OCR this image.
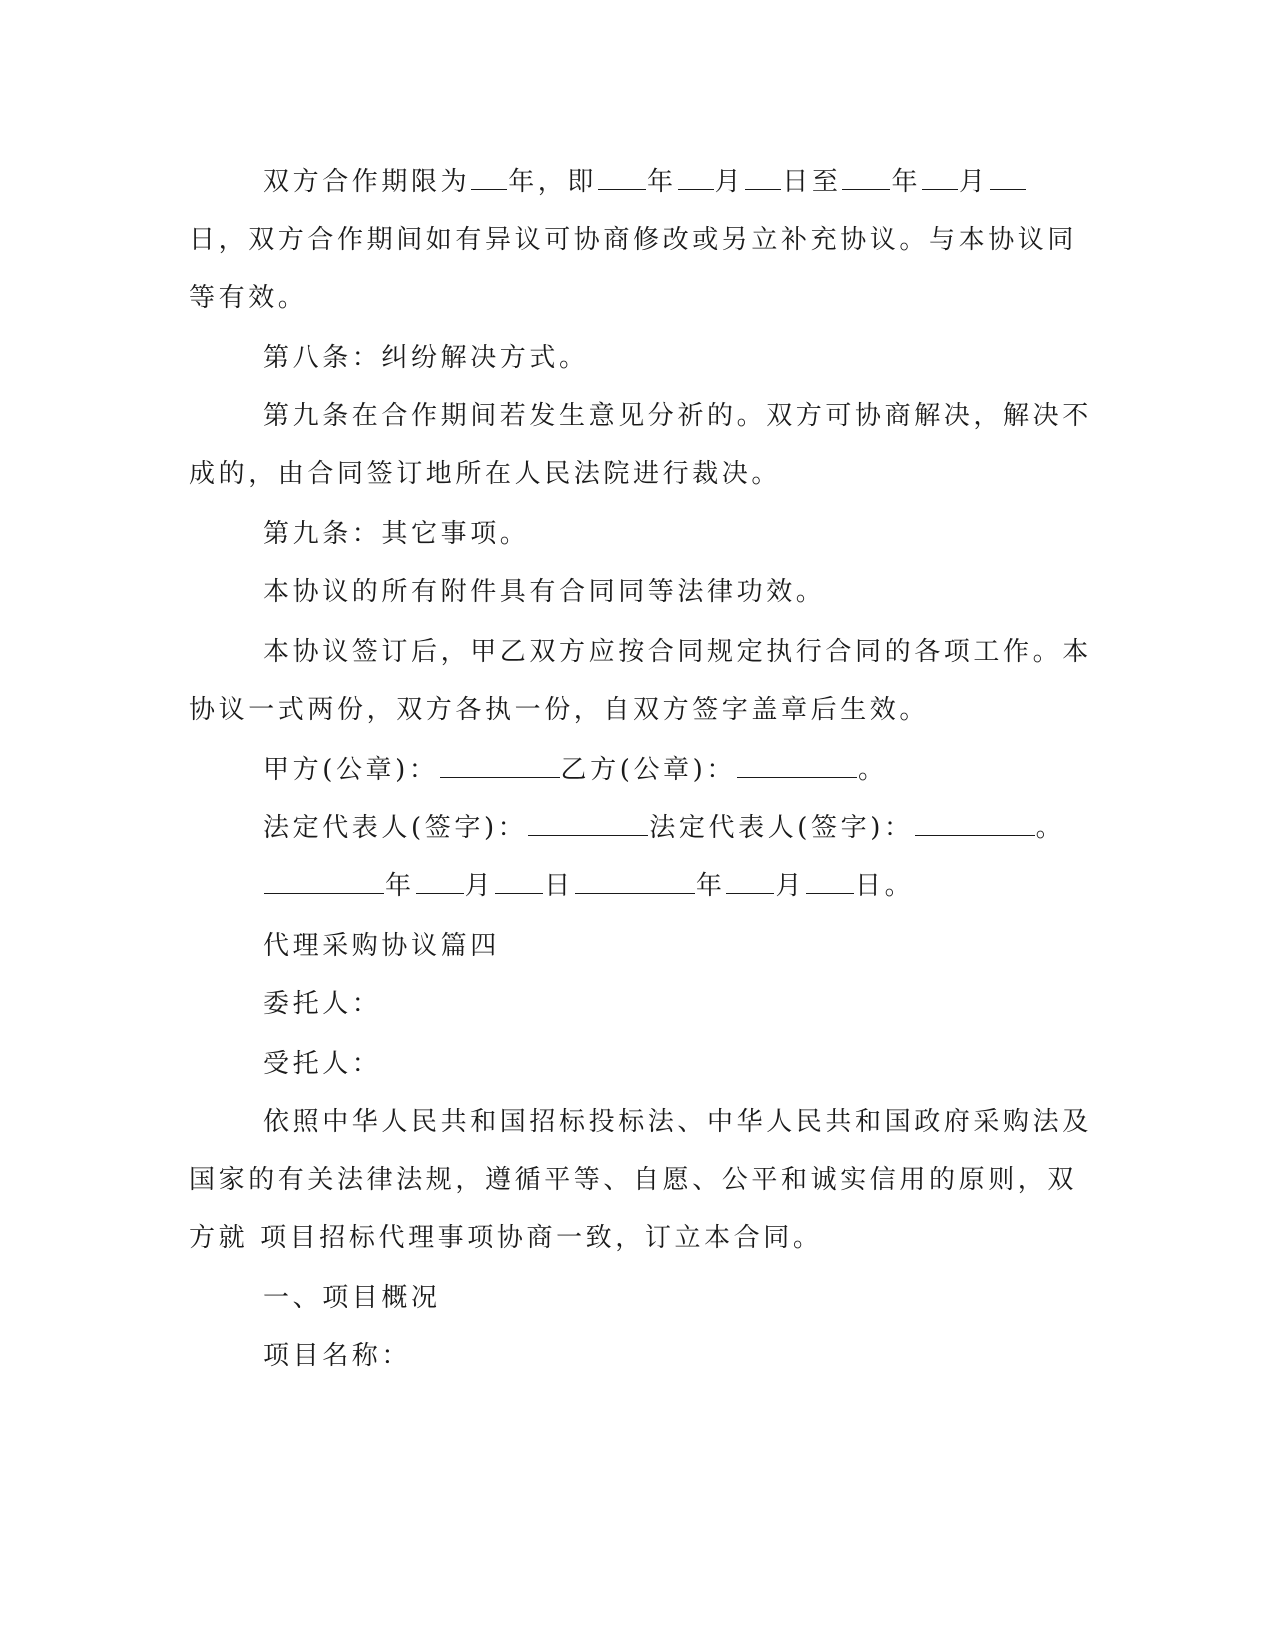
双方合作期限为 年，即 年 月 日至 年 月
日，双方合作期间如有异议可协商修改或另立补充协议。与本协议同
等有效。
第八条：纠纷解决方式。
第九条在合作期间若发生意见分祈的。双方可协商解决，解决不
成的，由合同签订地所在人民法院进行裁决。
第九条：其它事项。
本协议的所有附件具有合同同等法律功效。
本协议签订后，甲乙双方应按合同规定执行合同的各项工作。本
协议一式两份，双方各执一份，自双方签字盖章后生效。
甲方(公章)：	乙方(公章)：	。
法定代表人(签字)：	法定代表人(签字)：	。
年 月 日	年 月 日。
代理采购协议篇四
委托人：
受托人：
依照中华人民共和国招标投标法、中华人民共和国政府采购法及
国家的有关法律法规，遵循平等、自愿、公平和诚实信用的原则，双
方就 项目招标代理事项协商一致，订立本合同。
一、项目概况
项目名称：
